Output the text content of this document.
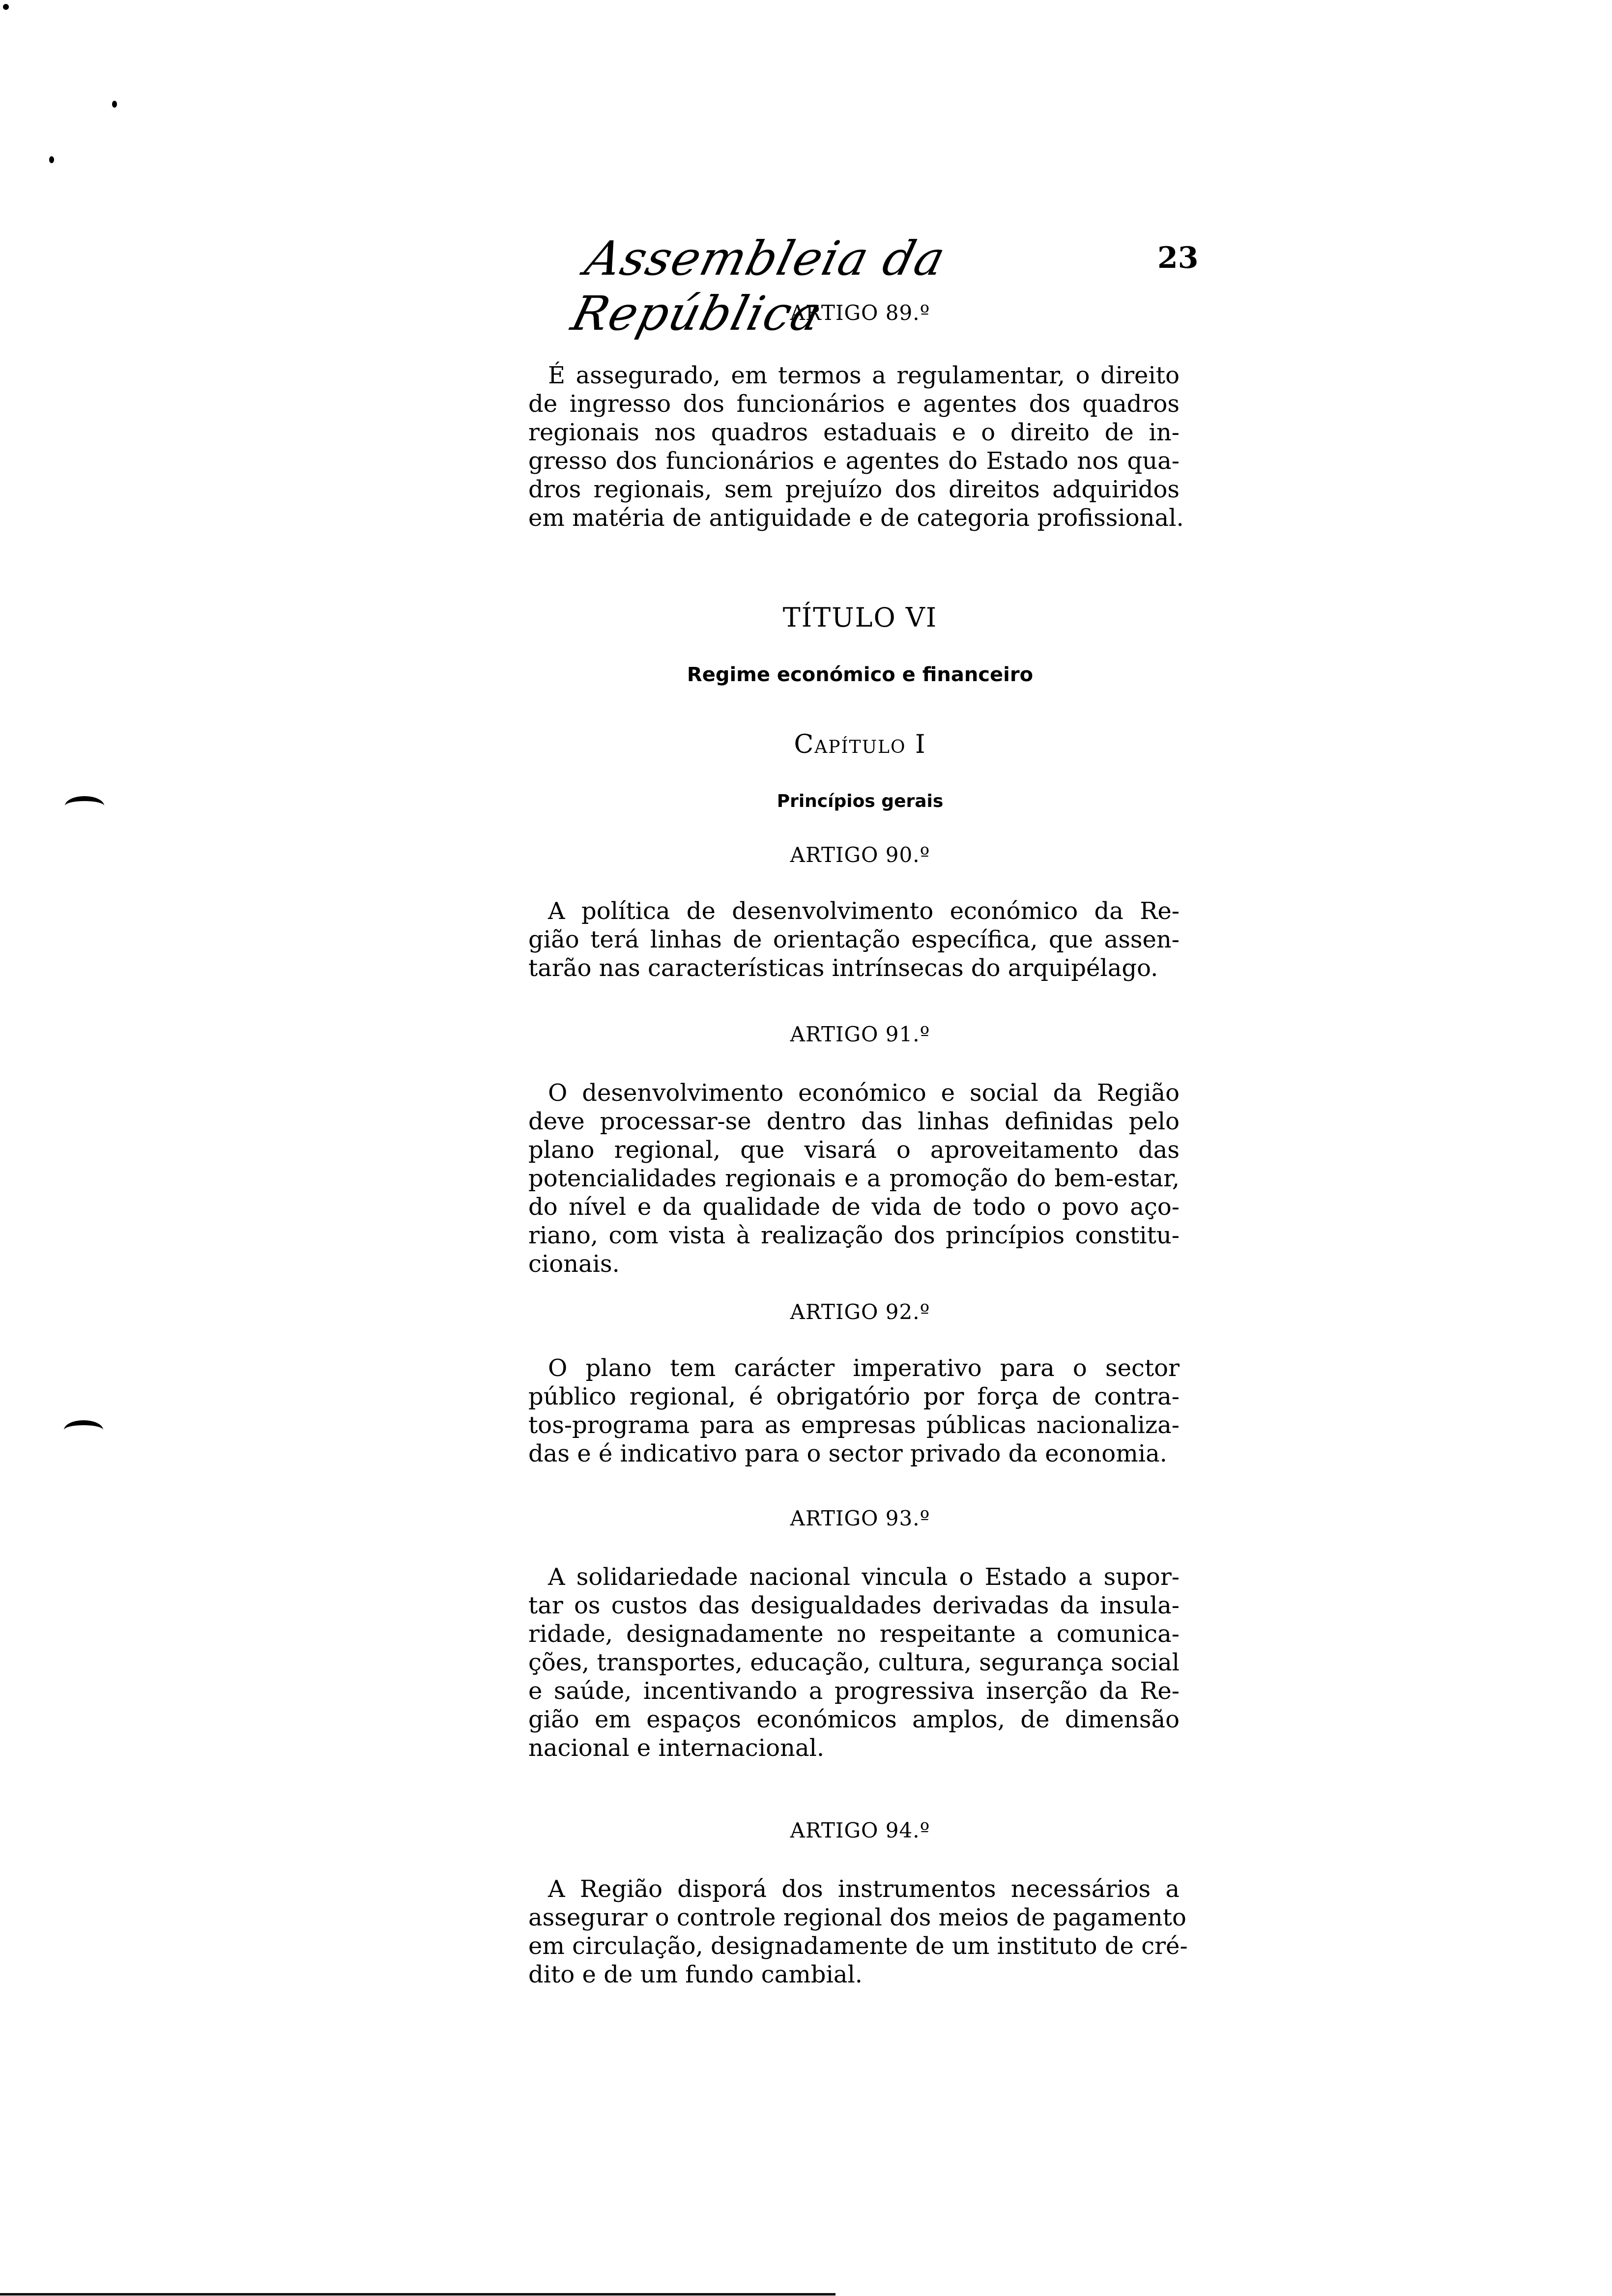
Assembleia da República
23
ARTIGO 89.º
É assegurado, em termos a regulamentar, o direito
de ingresso dos funcionários e agentes dos quadros
regionais nos quadros estaduais e o direito de in-
gresso dos funcionários e agentes do Estado nos qua-
dros regionais, sem prejuízo dos direitos adquiridos
em matéria de antiguidade e de categoria profissional.
TÍTULO VI
Regime económico e financeiro
Capítulo I
Princípios gerais
ARTIGO 90.º
A política de desenvolvimento económico da Re-
gião terá linhas de orientação específica, que assen-
tarão nas características intrínsecas do arquipélago.
ARTIGO 91.º
O desenvolvimento económico e social da Região
deve processar-se dentro das linhas definidas pelo
plano regional, que visará o aproveitamento das
potencialidades regionais e a promoção do bem-estar,
do nível e da qualidade de vida de todo o povo aço-
riano, com vista à realização dos princípios constitu-
cionais.
ARTIGO 92.º
O plano tem carácter imperativo para o sector
público regional, é obrigatório por força de contra-
tos-programa para as empresas públicas nacionaliza-
das e é indicativo para o sector privado da economia.
ARTIGO 93.º
A solidariedade nacional vincula o Estado a supor-
tar os custos das desigualdades derivadas da insula-
ridade, designadamente no respeitante a comunica-
ções, transportes, educação, cultura, segurança social
e saúde, incentivando a progressiva inserção da Re-
gião em espaços económicos amplos, de dimensão
nacional e internacional.
ARTIGO 94.º
A Região disporá dos instrumentos necessários a
assegurar o controle regional dos meios de pagamento
em circulação, designadamente de um instituto de cré-
dito e de um fundo cambial.
